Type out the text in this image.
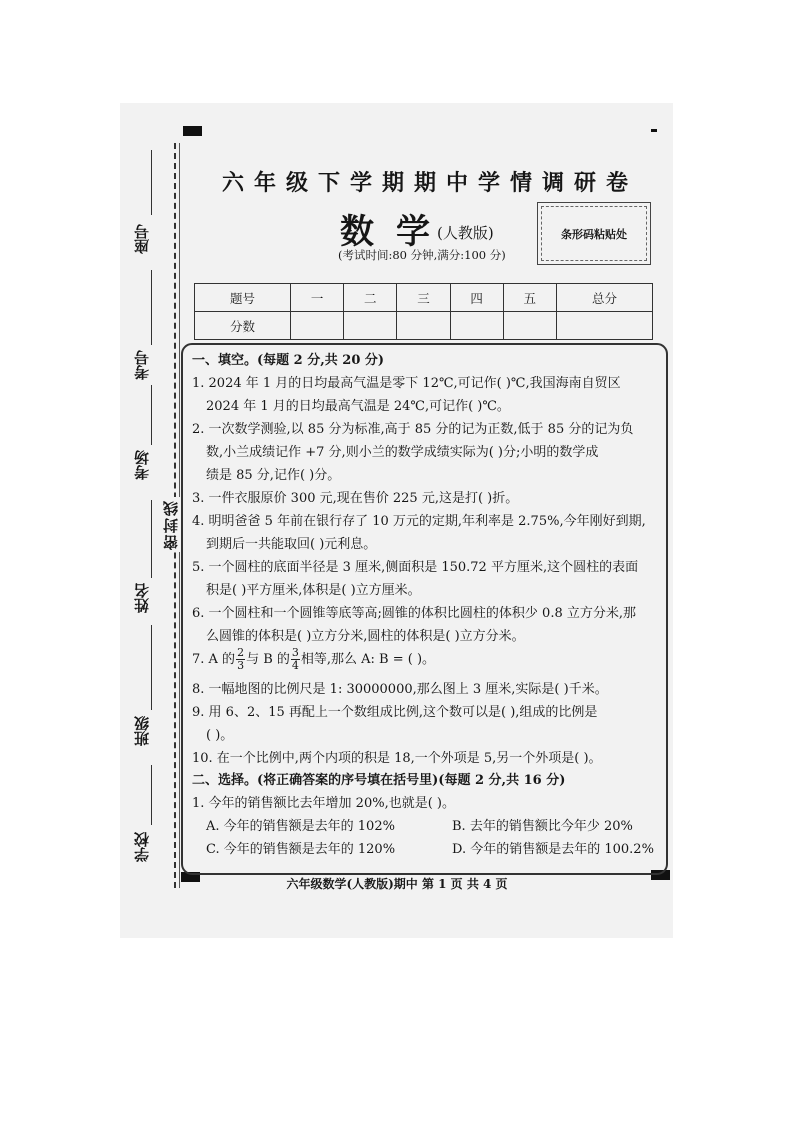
座号
考号
考场
姓名
班级
学校
密封线
六年级下学期期中学情调研卷
数学
(人教版)
(考试时间:80 分钟,满分:100 分)
条形码粘贴处
题号	一	二	三	四	五	总分
分数						
一、填空。(每题 2 分,共 20 分)
1. 2024 年 1 月的日均最高气温是零下 12℃,可记作( )℃,我国海南自贸区
2024 年 1 月的日均最高气温是 24℃,可记作( )℃。
2. 一次数学测验,以 85 分为标准,高于 85 分的记为正数,低于 85 分的记为负
数,小兰成绩记作 +7 分,则小兰的数学成绩实际为( )分;小明的数学成
绩是 85 分,记作( )分。
3. 一件衣服原价 300 元,现在售价 225 元,这是打( )折。
4. 明明爸爸 5 年前在银行存了 10 万元的定期,年利率是 2.75%,今年刚好到期,
到期后一共能取回( )元利息。
5. 一个圆柱的底面半径是 3 厘米,侧面积是 150.72 平方厘米,这个圆柱的表面
积是( )平方厘米,体积是( )立方厘米。
6. 一个圆柱和一个圆锥等底等高;圆锥的体积比圆柱的体积少 0.8 立方分米,那
么圆锥的体积是( )立方分米,圆柱的体积是( )立方分米。
7. A 的 $\frac{2}{3}$ 与 B 的 $\frac{3}{4}$ 相等,那么 A: B = ( )。
8. 一幅地图的比例尺是 1: 30000000,那么图上 3 厘米,实际是( )千米。
9. 用 6、2、15 再配上一个数组成比例,这个数可以是( ),组成的比例是
( )。
10. 在一个比例中,两个内项的积是 18,一个外项是 5,另一个外项是( )。
二、选择。(将正确答案的序号填在括号里)(每题 2 分,共 16 分)
1. 今年的销售额比去年增加 20%,也就是( )。
A. 今年的销售额是去年的 102%	B. 去年的销售额比今年少 20%
C. 今年的销售额是去年的 120%	D. 今年的销售额是去年的 100.2%
六年级数学(人教版)期中 第 1 页 共 4 页
